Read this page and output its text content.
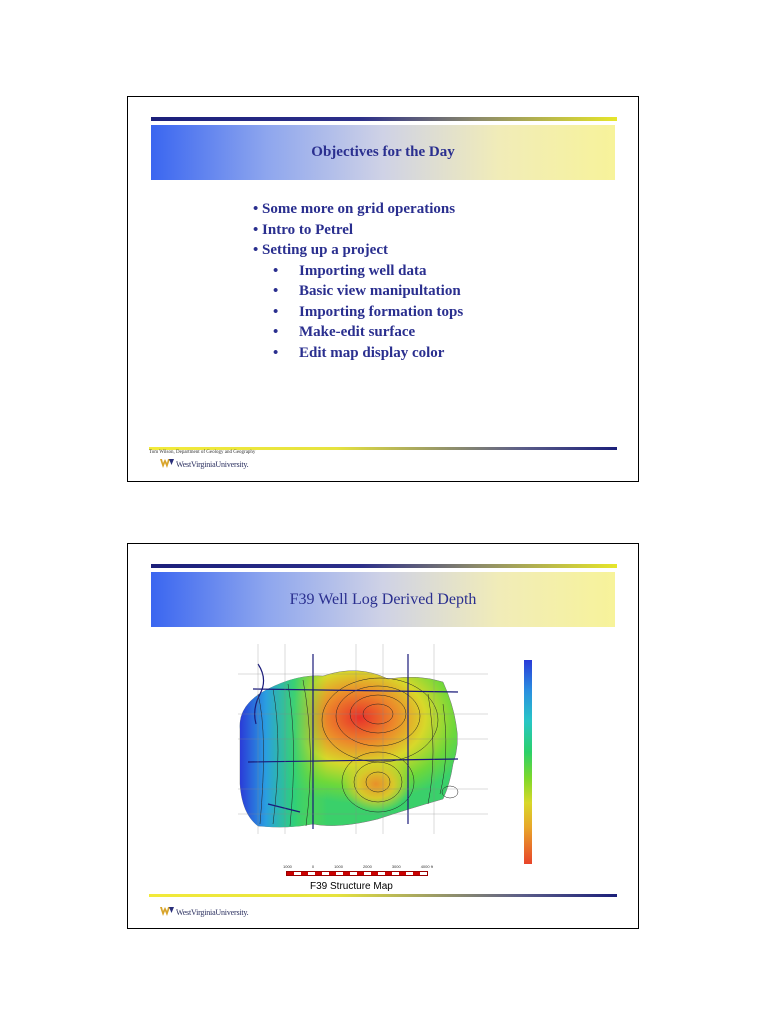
Objectives for the Day
• Some more on grid operations
• Intro to Petrel
• Setting up a project
• Importing well data
• Basic view manipultation
• Importing formation tops
• Make-edit surface
• Edit map display color
Tom Wilson, Department of Geology and Geography
WestVirginiaUniversity.
F39 Well Log Derived Depth
1000	0	1000	2000	3000	4000 ft
F39 Structure Map
WestVirginiaUniversity.
